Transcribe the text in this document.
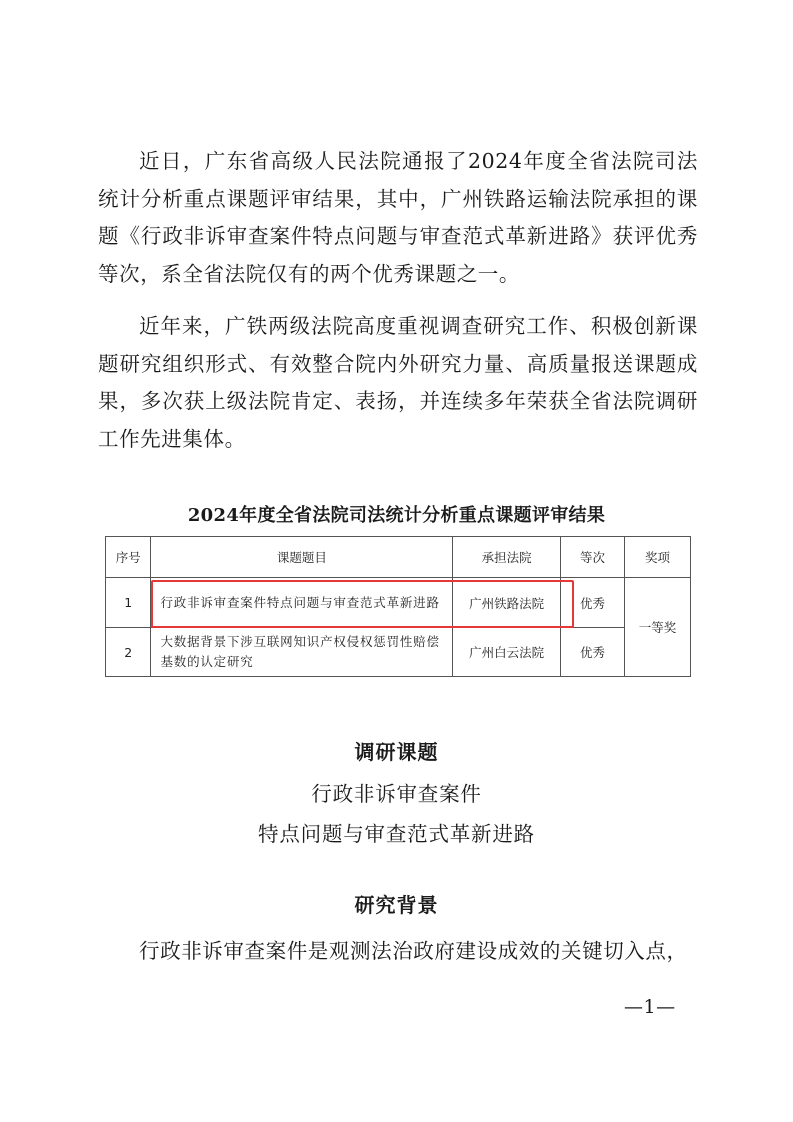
近日，广东省高级人民法院通报了2024年度全省法院司法统计分析重点课题评审结果，其中，广州铁路运输法院承担的课题《行政非诉审查案件特点问题与审查范式革新进路》获评优秀等次，系全省法院仅有的两个优秀课题之一。

近年来，广铁两级法院高度重视调查研究工作、积极创新课题研究组织形式、有效整合院内外研究力量、高质量报送课题成果，多次获上级法院肯定、表扬，并连续多年荣获全省法院调研工作先进集体。

2024年度全省法院司法统计分析重点课题评审结果
序号	课题题目	承担法院	等次	奖项
1	行政非诉审查案件特点问题与审查范式革新进路	广州铁路法院	优秀	一等奖
2	大数据背景下涉互联网知识产权侵权惩罚性赔偿基数的认定研究	广州白云法院	优秀	
调研课题
行政非诉审查案件
特点问题与审查范式革新进路
研究背景

行政非诉审查案件是观测法治政府建设成效的关键切入点，

—1—
